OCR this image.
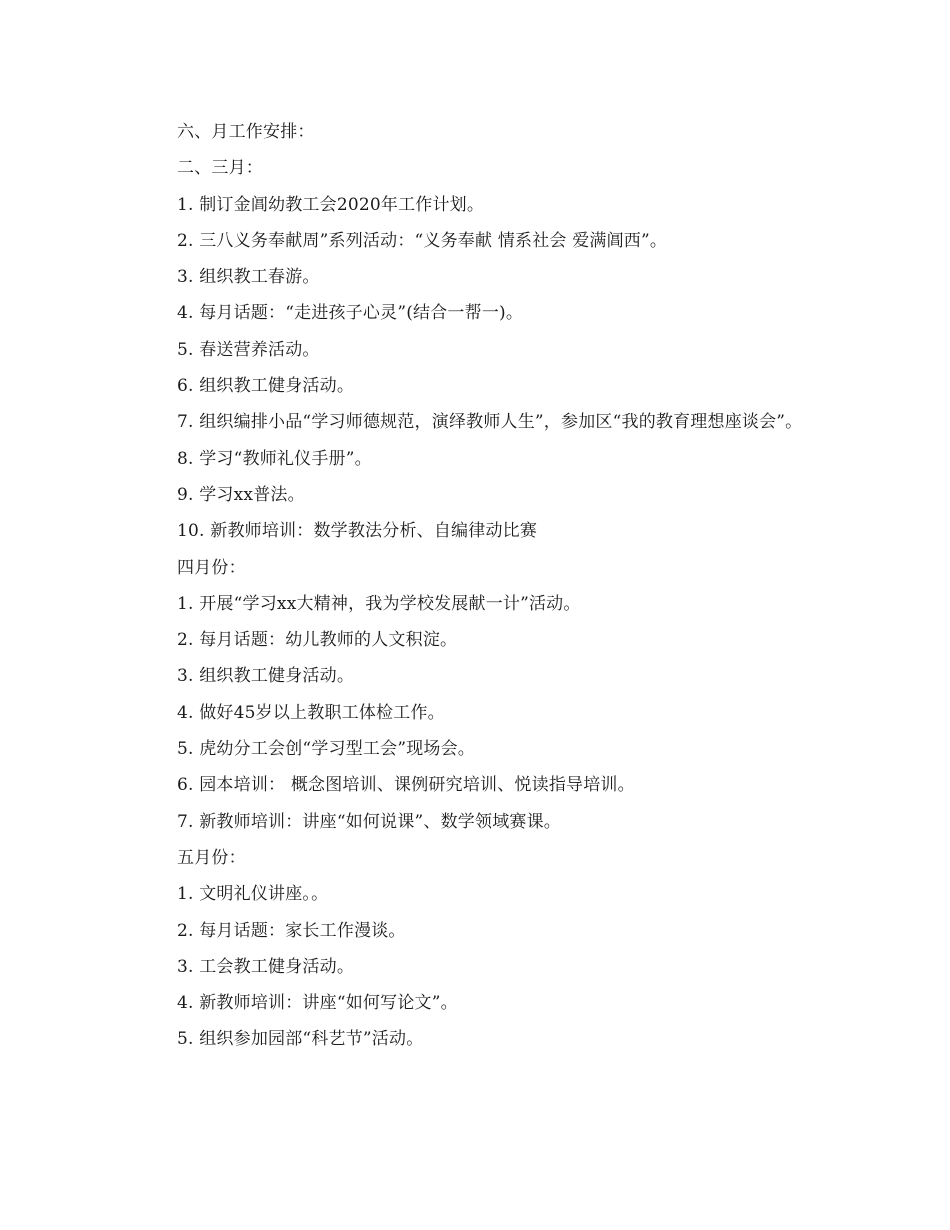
六、月工作安排：
二、三月：
1. 制订金阊幼教工会2020年工作计划。
2. 三八义务奉献周”系列活动：“义务奉献 情系社会 爱满阊西”。
3. 组织教工春游。
4. 每月话题：“走进孩子心灵”(结合一帮一)。
5. 春送营养活动。
6. 组织教工健身活动。
7. 组织编排小品“学习师德规范，演绎教师人生”，参加区“我的教育理想座谈会”。
8. 学习“教师礼仪手册”。
9. 学习xx普法。
10. 新教师培训：数学教法分析、自编律动比赛
四月份：
1. 开展“学习xx大精神，我为学校发展献一计”活动。
2. 每月话题：幼儿教师的人文积淀。
3. 组织教工健身活动。
4. 做好45岁以上教职工体检工作。
5. 虎幼分工会创“学习型工会”现场会。
6. 园本培训： 概念图培训、课例研究培训、悦读指导培训。
7. 新教师培训：讲座“如何说课”、数学领域赛课。
五月份：
1. 文明礼仪讲座。。
2. 每月话题：家长工作漫谈。
3. 工会教工健身活动。
4. 新教师培训：讲座“如何写论文”。
5. 组织参加园部“科艺节”活动。
